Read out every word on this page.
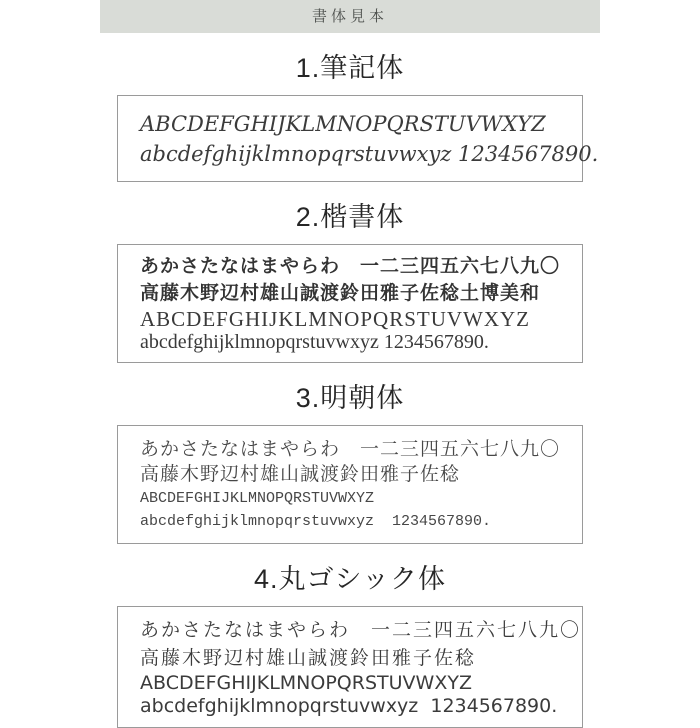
書体見本
1.筆記体
ABCDEFGHIJKLMNOPQRSTUVWXYZ
abcdefghijklmnopqrstuvwxyz 1234567890.
2.楷書体
あかさたなはまやらわ　一二三四五六七八九〇
高藤木野辺村雄山誠渡鈴田雅子佐稔土博美和
ABCDEFGHIJKLMNOPQRSTUVWXYZ
abcdefghijklmnopqrstuvwxyz 1234567890.
3.明朝体
あかさたなはまやらわ　一二三四五六七八九〇
高藤木野辺村雄山誠渡鈴田雅子佐稔
ABCDEFGHIJKLMNOPQRSTUVWXYZ
abcdefghijklmnopqrstuvwxyz  1234567890.
4.丸ゴシック体
あかさたなはまやらわ　一二三四五六七八九〇
高藤木野辺村雄山誠渡鈴田雅子佐稔
ABCDEFGHIJKLMNOPQRSTUVWXYZ
abcdefghijklmnopqrstuvwxyz  1234567890.
